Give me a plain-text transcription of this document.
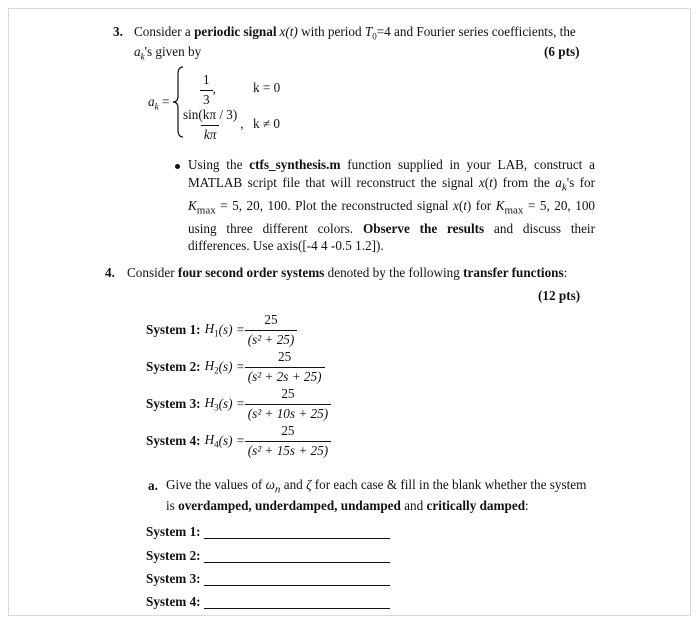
3. Consider a periodic signal x(t) with period $T_0=4$ and Fourier series coefficients, the
$a_k's$ given by	(6 pts)
$a_k = \frac{1}{3}$ ,	k = 0
$\frac{\sin(k\pi / 3)}{k\pi}$ , k ≠ 0
Using the ctfs_synthesis.m function supplied in your LAB, construct a MATLAB script file that will reconstruct the signal x(t) from the $a_k's$ for $K_{max} = 5$, 20, 100. Plot the reconstructed signal x(t) for $K_{max} = 5$, 20, 100 using three different colors. Observe the results and discuss their differences. Use axis([-4 4 -0.5 1.2]).
4. Consider four second order systems denoted by the following transfer functions:
(12 pts)
System 1: $H_1(s) = \frac{25}{\text{(s² + 25)}}$
System 2: $H_2(s) = \frac{25}{\text{(s² + 2s + 25)}}$
System 3: $H_3(s) = \frac{25}{\text{(s² + 10s + 25)}}$
System 4: $H_4(s) = \frac{25}{\text{(s² + 15s + 25)}}$
a. Give the values of $\omega_n$ and ζ for each case & fill in the blank whether the system is overdamped, underdamped, undamped and critically damped:
System 1:
System 2:
System 3:
System 4:
